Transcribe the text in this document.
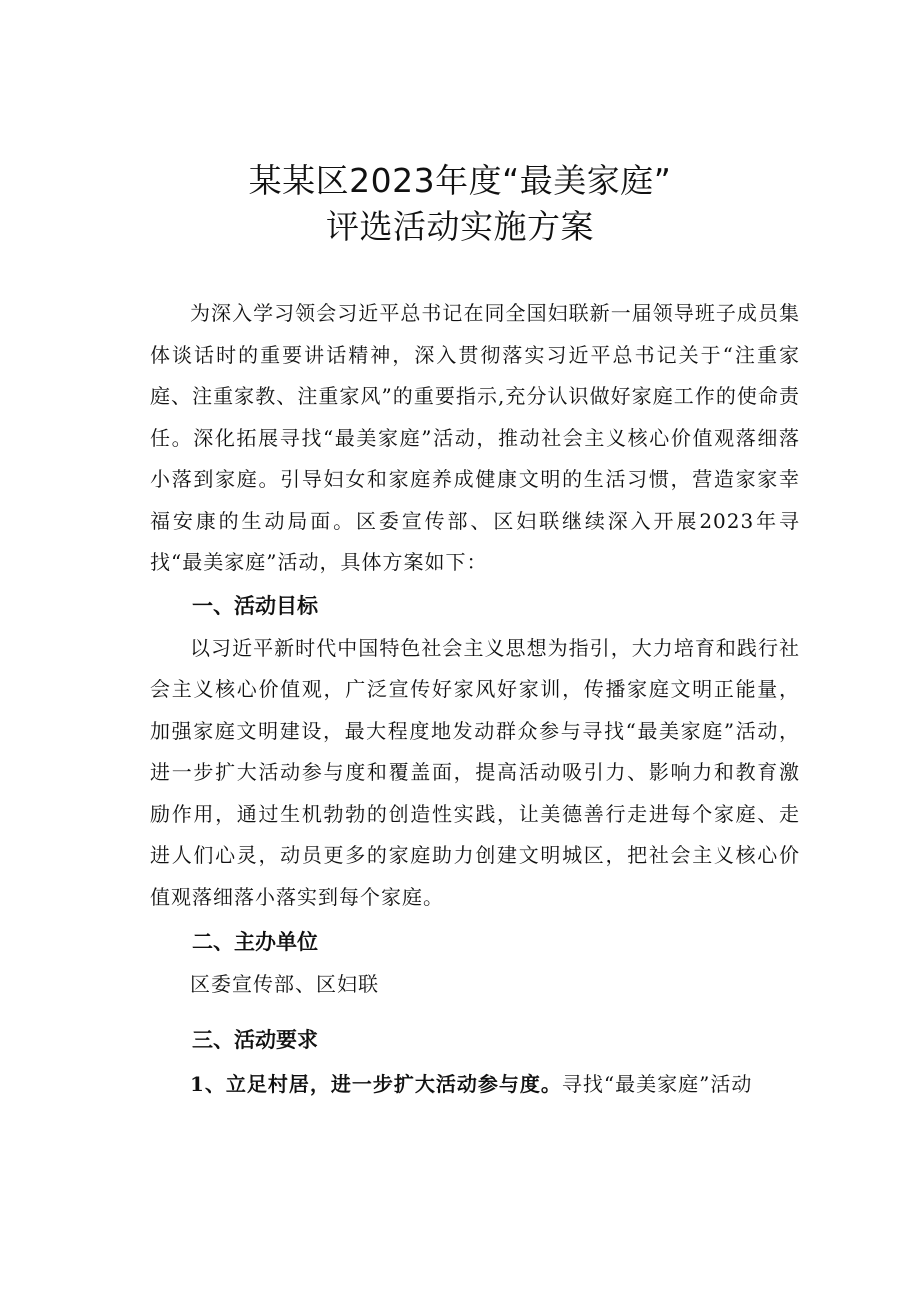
某某区2023年度“最美家庭”
评选活动实施方案

为深入学习领会习近平总书记在同全国妇联新一届领导班子成员集体谈话时的重要讲话精神，深入贯彻落实习近平总书记关于“注重家庭、注重家教、注重家风”的重要指示,充分认识做好家庭工作的使命责任。深化拓展寻找“最美家庭”活动，推动社会主义核心价值观落细落小落到家庭。引导妇女和家庭养成健康文明的生活习惯，营造家家幸福安康的生动局面。区委宣传部、区妇联继续深入开展2023年寻找“最美家庭”活动，具体方案如下：

一、活动目标

以习近平新时代中国特色社会主义思想为指引，大力培育和践行社会主义核心价值观，广泛宣传好家风好家训，传播家庭文明正能量，加强家庭文明建设，最大程度地发动群众参与寻找“最美家庭”活动，进一步扩大活动参与度和覆盖面，提高活动吸引力、影响力和教育激励作用，通过生机勃勃的创造性实践，让美德善行走进每个家庭、走进人们心灵，动员更多的家庭助力创建文明城区，把社会主义核心价值观落细落小落实到每个家庭。

二、主办单位

区委宣传部、区妇联

三、活动要求

1、立足村居，进一步扩大活动参与度。寻找“最美家庭”活动
